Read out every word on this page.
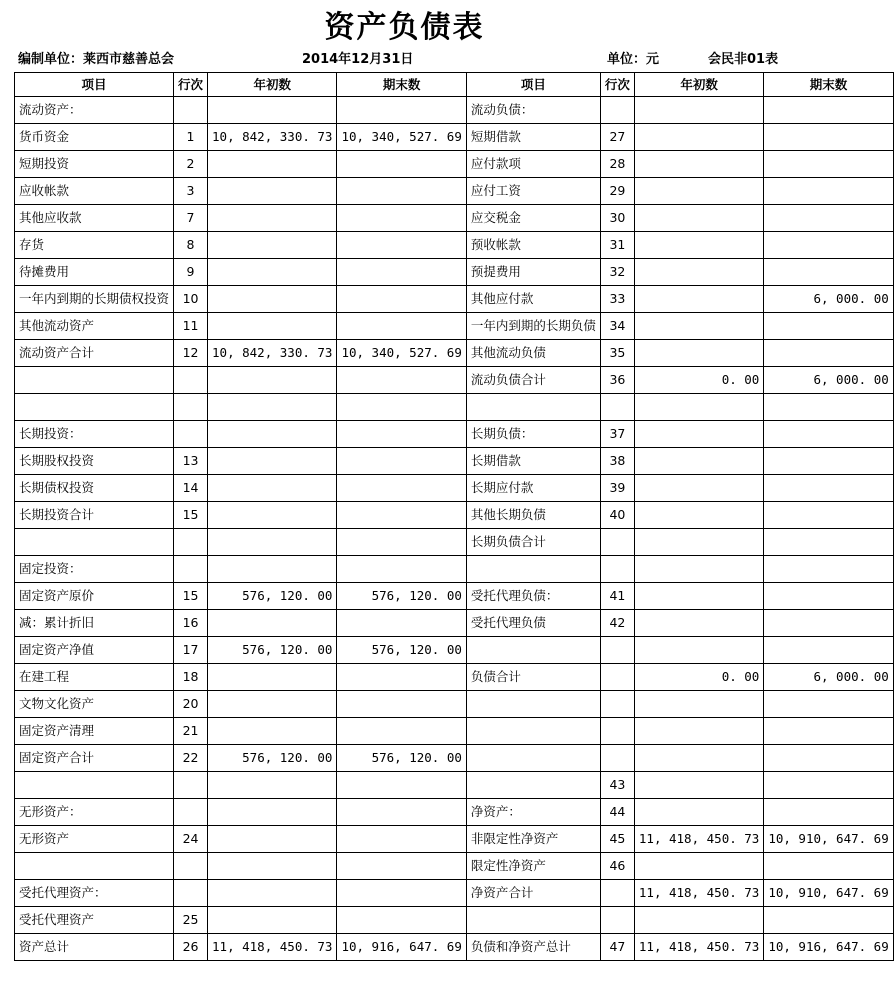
资产负债表
编制单位：莱西市慈善总会	2014年12月31日	单位：元	会民非01表
项目	行次	年初数	期末数	项目	行次	年初数	期末数
流动资产：				流动负债：			
货币资金	1	10, 842, 330. 73	10, 340, 527. 69	短期借款	27		
短期投资	2			应付款项	28		
应收帐款	3			应付工资	29		
其他应收款	7			应交税金	30		
存货	8			预收帐款	31		
待摊费用	9			预提费用	32		
一年内到期的长期债权投资	10			其他应付款	33		6, 000. 00
其他流动资产	11			一年内到期的长期负债	34		
流动资产合计	12	10, 842, 330. 73	10, 340, 527. 69	其他流动负债	35		
				流动负债合计	36	0. 00	6, 000. 00

长期投资：				长期负债：	37		
长期股权投资	13			长期借款	38		
长期债权投资	14			长期应付款	39		
长期投资合计	15			其他长期负债	40		
				长期负债合计			
固定投资：							
固定资产原价	15	576, 120. 00	576, 120. 00	受托代理负债：	41		
减：累计折旧	16			受托代理负债	42		
固定资产净值	17	576, 120. 00	576, 120. 00				
在建工程	18			负债合计		0. 00	6, 000. 00
文物文化资产	20						
固定资产清理	21						
固定资产合计	22	576, 120. 00	576, 120. 00				
					43		
无形资产：				净资产：	44		
无形资产	24			非限定性净资产	45	11, 418, 450. 73	10, 910, 647. 69
				限定性净资产	46		
受托代理资产：				净资产合计		11, 418, 450. 73	10, 910, 647. 69
受托代理资产	25						
资产总计	26	11, 418, 450. 73	10, 916, 647. 69	负债和净资产总计	47	11, 418, 450. 73	10, 916, 647. 69
